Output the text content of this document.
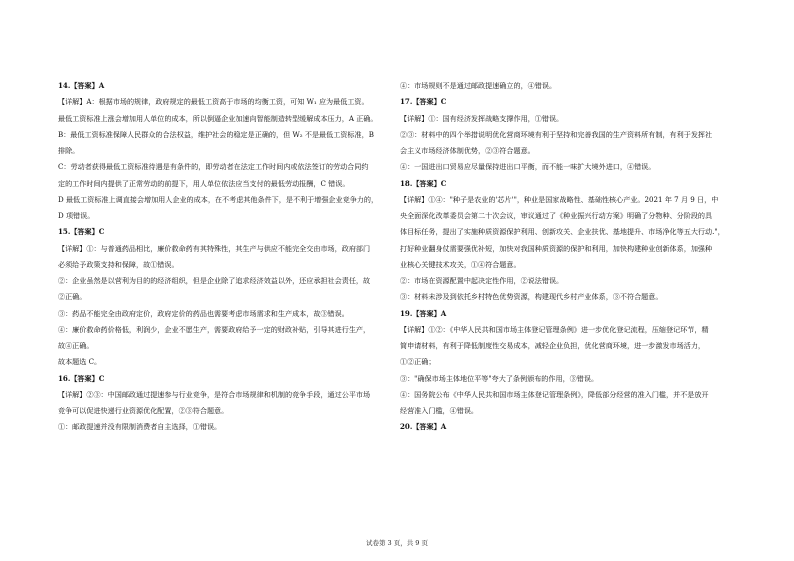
14.【答案】A
【详解】A：根据市场的规律，政府规定的最低工资高于市场的均衡工资，可知 W₁ 应为最低工资。
最低工资标准上涨会增加用人单位的成本，所以倒逼企业加速向智能制造转型缓解成本压力，A 正确。
B：最低工资标准保障人民群众的合法权益，维护社会的稳定是正确的，但 W₂ 不是最低工资标准，B
排除。
C：劳动者获得最低工资标准待遇是有条件的，即劳动者在法定工作时间内或依法签订的劳动合同约
定的工作时间内提供了正常劳动的前提下，用人单位依法应当支付的最低劳动报酬，C 错误。
D 最低工资标准上调直接会增加用人企业的成本，在不考虑其他条件下，是不利于增强企业竞争力的，
D 项错误。
15.【答案】C
【详解】①：与普通药品相比，廉价救命药有其特殊性，其生产与供应不能完全交由市场，政府部门
必须给予政策支持和保障，故①错误。
②：企业虽然是以营利为目的的经济组织，但是企业除了追求经济效益以外，还应承担社会责任，故
②正确。
③：药品不能完全由政府定价，政府定价的药品也需要考虑市场需求和生产成本，故③错误。
④：廉价救命药价格低，利润少，企业不愿生产，需要政府给予一定的财政补贴，引导其进行生产，
故④正确。
故本题选 C。
16.【答案】C
【详解】②③：中国邮政通过提速参与行业竞争，是符合市场规律和机制的竞争手段，通过公平市场
竞争可以促进快递行业资源优化配置，②③符合题意。
①：邮政提速并没有限制消费者自主选择，①错误。
④：市场规则不是通过邮政提速确立的，④错误。
17.【答案】C
【详解】①：国有经济发挥战略支撑作用，①错误。
②③：材料中的四个举措说明优化营商环境有利于坚持和完善我国的生产资料所有制，有利于发挥社
会主义市场经济体制优势，②③符合题意。
④：一国进出口贸易应尽量保持进出口平衡，而不能一味扩大境外进口，④错误。
18.【答案】C
【详解】①④："种子是农业的'芯片'"，种业是国家战略性、基础性核心产业。2021 年 7 月 9 日，中
央全面深化改革委员会第二十次会议，审议通过了《种业振兴行动方案》明确了分物种、分阶段的具
体目标任务，提出了实施种质资源保护利用、创新攻关、企业扶优、基地提升、市场净化等五大行动."，
打好种业翻身仗需要强优补短，加快对我国种质资源的保护和利用，加快构建种业创新体系，加强种
业核心关键技术攻关，①④符合题意。
②：市场在资源配置中起决定性作用，②说法错误。
③：材料未涉及到依托乡村特色优势资源，构建现代乡村产业体系，③不符合题意。
19.【答案】A
【详解】①②：《中华人民共和国市场主体登记管理条例》进一步优化登记流程，压缩登记环节，精
简申请材料，有利于降低制度性交易成本，减轻企业负担，优化营商环境，进一步激发市场活力，
①②正确；
③："确保市场主体地位平等"夸大了条例颁布的作用，③错误。
④：国务院公布《中华人民共和国市场主体登记管理条例》，降低部分经营的准入门槛，并不是放开
经营准入门槛，④错误。
20.【答案】A
试卷第 3 页，共 9 页
